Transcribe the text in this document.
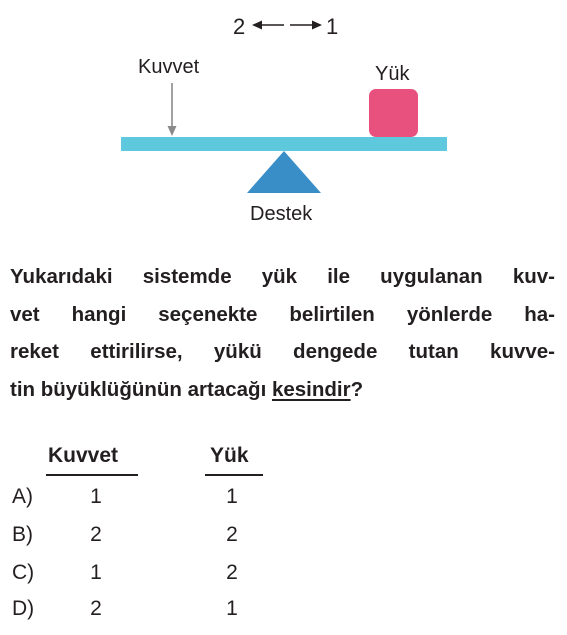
2	1
Kuvvet	Yük
Destek
Yukarıdaki sistemde yük ile uygulanan kuv-
vet hangi seçenekte belirtilen yönlerde ha-
reket ettirilirse, yükü dengede tutan kuvve-
tin büyüklüğünün artacağı kesindir?
Kuvvet	Yük
A)	1	1
B)	2	2
C)	1	2
D)	2	1
